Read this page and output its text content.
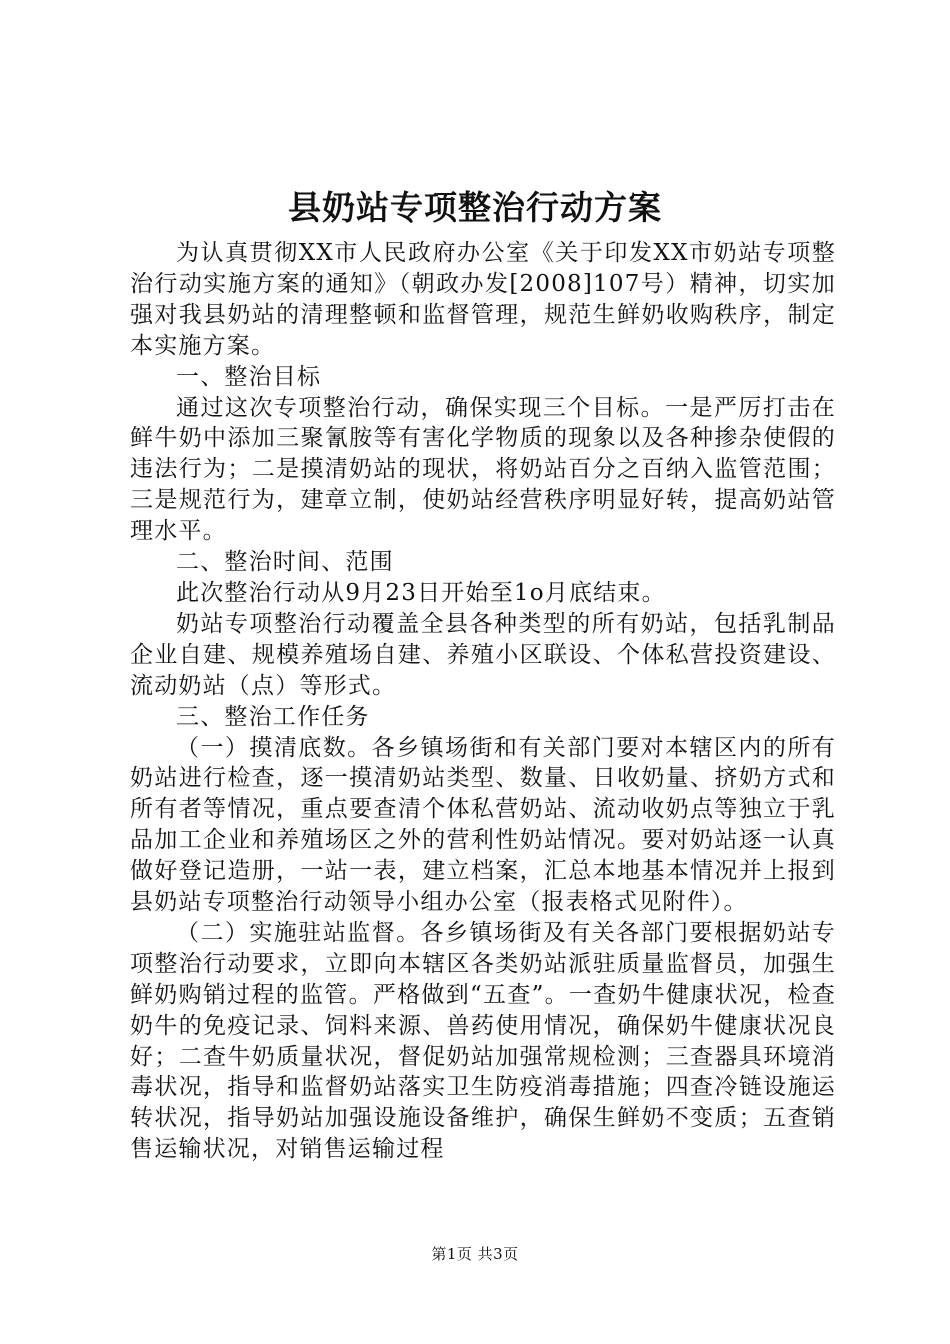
县奶站专项整治行动方案

为认真贯彻XX市人民政府办公室《关于印发XX市奶站专项整治行动实施方案的通知》（朝政办发[2008]107号）精神，切实加强对我县奶站的清理整顿和监督管理，规范生鲜奶收购秩序，制定本实施方案。

一、整治目标

通过这次专项整治行动，确保实现三个目标。一是严厉打击在鲜牛奶中添加三聚氰胺等有害化学物质的现象以及各种掺杂使假的违法行为；二是摸清奶站的现状，将奶站百分之百纳入监管范围；三是规范行为，建章立制，使奶站经营秩序明显好转，提高奶站管理水平。

二、整治时间、范围

此次整治行动从9月23日开始至1o月底结束。

奶站专项整治行动覆盖全县各种类型的所有奶站，包括乳制品企业自建、规模养殖场自建、养殖小区联设、个体私营投资建设、流动奶站（点）等形式。

三、整治工作任务

（一）摸清底数。各乡镇场街和有关部门要对本辖区内的所有奶站进行检查，逐一摸清奶站类型、数量、日收奶量、挤奶方式和所有者等情况，重点要查清个体私营奶站、流动收奶点等独立于乳品加工企业和养殖场区之外的营利性奶站情况。要对奶站逐一认真做好登记造册，一站一表，建立档案，汇总本地基本情况并上报到县奶站专项整治行动领导小组办公室（报表格式见附件）。

（二）实施驻站监督。各乡镇场街及有关各部门要根据奶站专项整治行动要求，立即向本辖区各类奶站派驻质量监督员，加强生鲜奶购销过程的监管。严格做到“五查”。一查奶牛健康状况，检查奶牛的免疫记录、饲料来源、兽药使用情况，确保奶牛健康状况良好；二查牛奶质量状况，督促奶站加强常规检测；三查器具环境消毒状况，指导和监督奶站落实卫生防疫消毒措施；四查冷链设施运转状况，指导奶站加强设施设备维护，确保生鲜奶不变质；五查销售运输状况，对销售运输过程

第1页 共3页
